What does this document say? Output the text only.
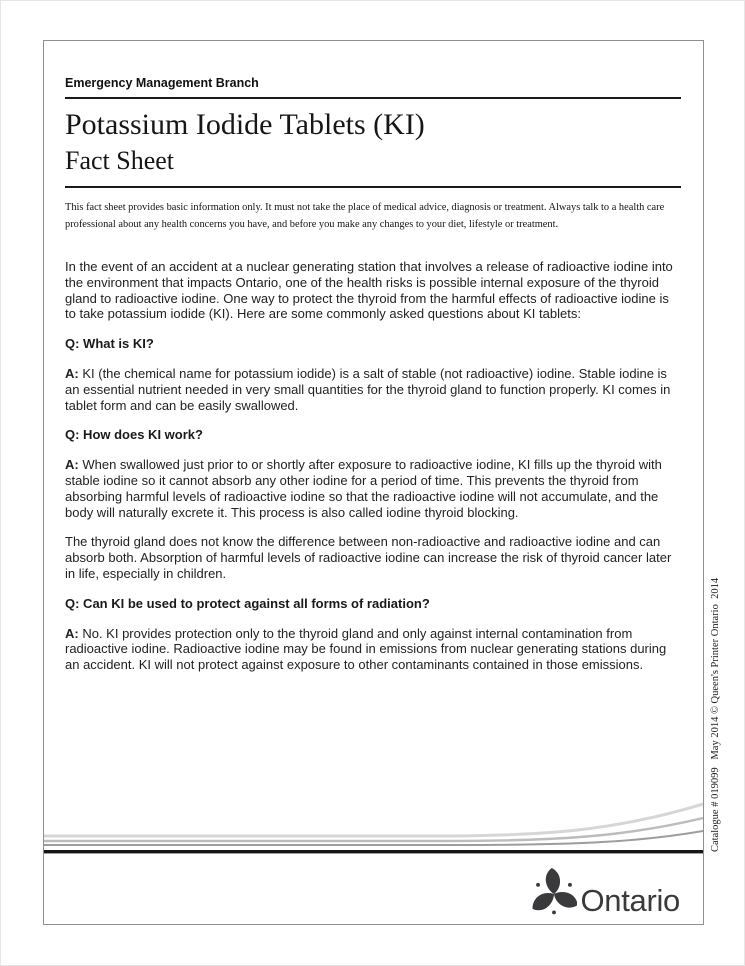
Emergency Management Branch
Potassium Iodide Tablets (KI)
Fact Sheet

This fact sheet provides basic information only. It must not take the place of medical advice, diagnosis or treatment. Always talk to a health care professional about any health concerns you have, and before you make any changes to your diet, lifestyle or treatment.

In the event of an accident at a nuclear generating station that involves a release of radioactive iodine into the environment that impacts Ontario, one of the health risks is possible internal exposure of the thyroid gland to radioactive iodine. One way to protect the thyroid from the harmful effects of radioactive iodine is to take potassium iodide (KI). Here are some commonly asked questions about KI tablets:

Q: What is KI?

A: KI (the chemical name for potassium iodide) is a salt of stable (not radioactive) iodine. Stable iodine is an essential nutrient needed in very small quantities for the thyroid gland to function properly. KI comes in tablet form and can be easily swallowed.

Q: How does KI work?

A: When swallowed just prior to or shortly after exposure to radioactive iodine, KI fills up the thyroid with stable iodine so it cannot absorb any other iodine for a period of time. This prevents the thyroid from absorbing harmful levels of radioactive iodine so that the radioactive iodine will not accumulate, and the body will naturally excrete it. This process is also called iodine thyroid blocking.

The thyroid gland does not know the difference between non-radioactive and radioactive iodine and can absorb both. Absorption of harmful levels of radioactive iodine can increase the risk of thyroid cancer later in life, especially in children.

Q: Can KI be used to protect against all forms of radiation?

A: No. KI provides protection only to the thyroid gland and only against internal contamination from radioactive iodine. Radioactive iodine may be found in emissions from nuclear generating stations during an accident. KI will not protect against exposure to other contaminants contained in those emissions.

Ontario
Catalogue # 019099   May 2014 © Queen's Printer Ontario  2014
